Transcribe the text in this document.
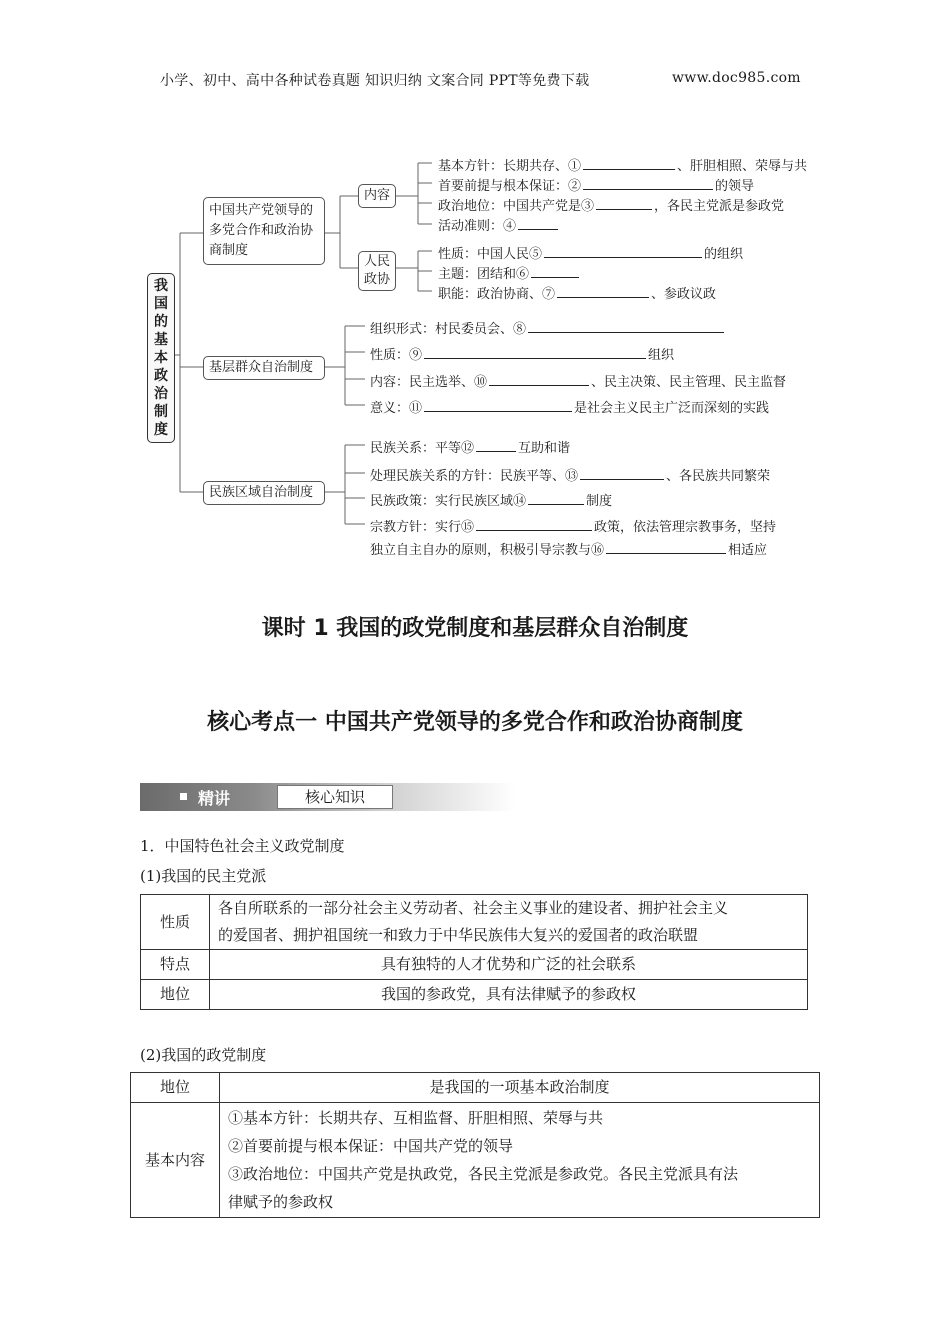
小学、初中、高中各种试卷真题 知识归纳 文案合同 PPT等免费下载	www.doc985.com
我国的基本政治制度
中国共产党领导的多党合作和政治协商制度
内容
人民政协
基本方针：长期共存、①	、肝胆相照、荣辱与共
首要前提与根本保证：②	的领导
政治地位：中国共产党是③	，各民主党派是参政党
活动准则：④
性质：中国人民⑤	的组织
主题：团结和⑥
职能：政治协商、⑦	、参政议政
基层群众自治制度
组织形式：村民委员会、⑧
性质：⑨	组织
内容：民主选举、⑩	、民主决策、民主管理、民主监督
意义：⑪	是社会主义民主广泛而深刻的实践
民族区域自治制度
民族关系：平等⑫	互助和谐
处理民族关系的方针：民族平等、⑬	、各民族共同繁荣
民族政策：实行民族区域⑭	制度
宗教方针：实行⑮	政策，依法管理宗教事务，坚持
独立自主自办的原则，积极引导宗教与⑯	相适应
课时 1 我国的政党制度和基层群众自治制度
核心考点一 中国共产党领导的多党合作和政治协商制度
精讲	核心知识
1．中国特色社会主义政党制度
(1)我国的民主党派
性质	各自所联系的一部分社会主义劳动者、社会主义事业的建设者、拥护社会主义
的爱国者、拥护祖国统一和致力于中华民族伟大复兴的爱国者的政治联盟

特点	具有独特的人才优势和广泛的社会联系
地位	我国的参政党，具有法律赋予的参政权
(2)我国的政党制度
地位	是我国的一项基本政治制度
基本内容	①基本方针：长期共存、互相监督、肝胆相照、荣辱与共
②首要前提与根本保证：中国共产党的领导
③政治地位：中国共产党是执政党，各民主党派是参政党。各民主党派具有法
律赋予的参政权
